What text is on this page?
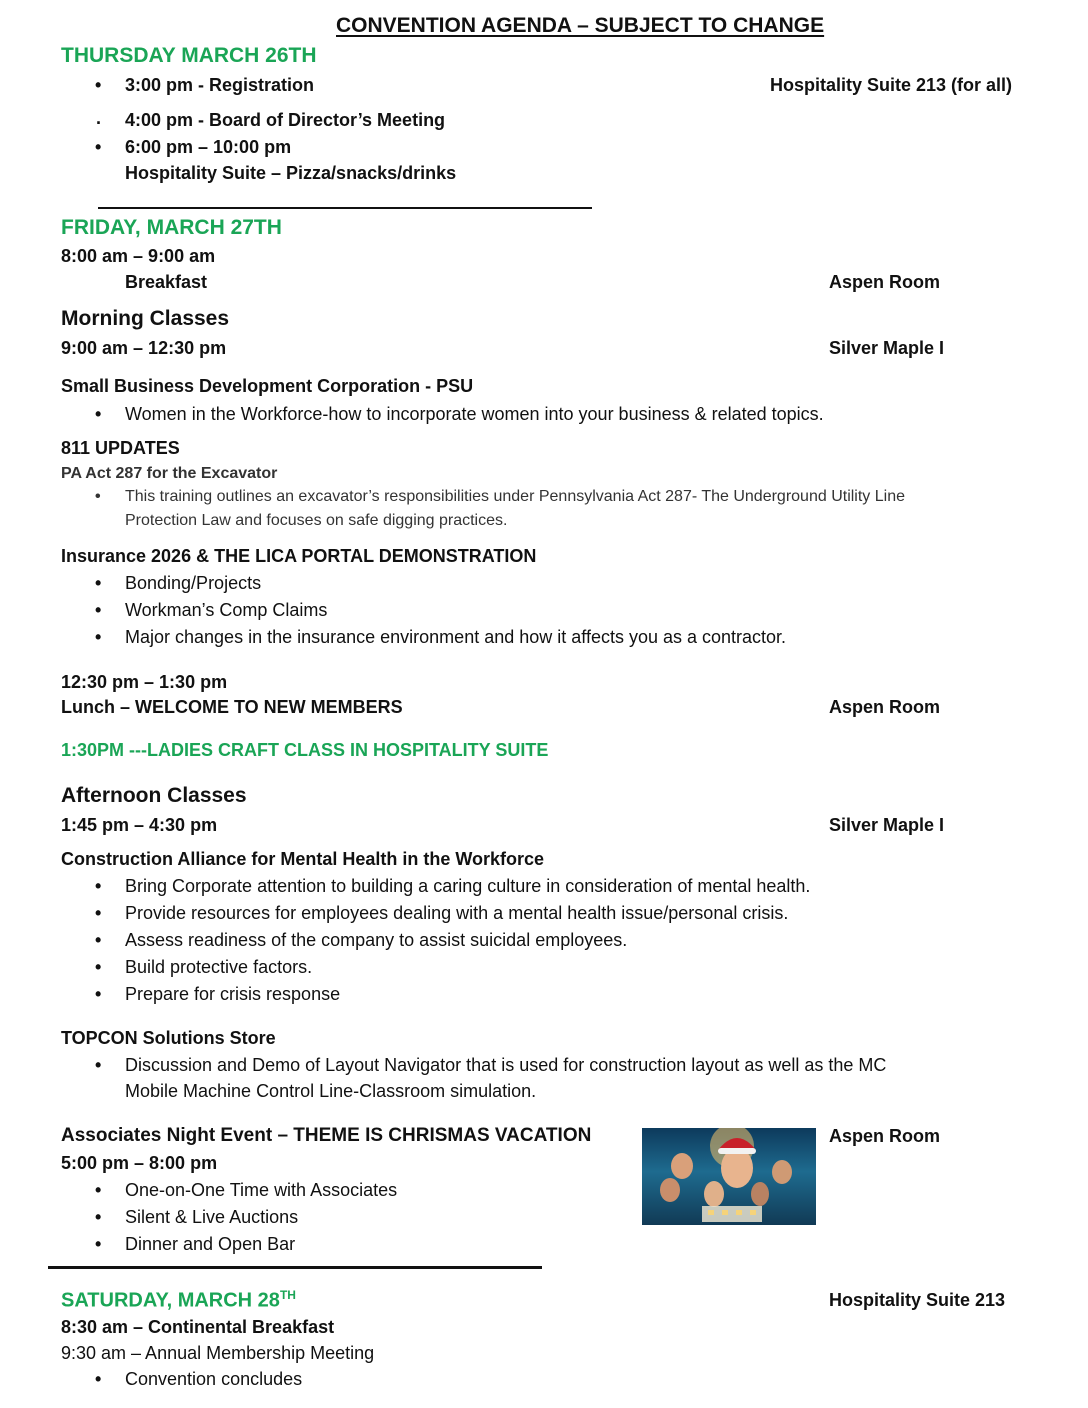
CONVENTION AGENDA – SUBJECT TO CHANGE
THURSDAY MARCH 26TH
• 3:00 pm - Registration	Hospitality Suite 213 (for all)
. 4:00 pm - Board of Director’s Meeting
• 6:00 pm – 10:00 pm
Hospitality Suite – Pizza/snacks/drinks
FRIDAY, MARCH 27TH
8:00 am – 9:00 am
Breakfast	Aspen Room
Morning Classes
9:00 am – 12:30 pm	Silver Maple I
Small Business Development Corporation - PSU
• Women in the Workforce-how to incorporate women into your business & related topics.
811 UPDATES
PA Act 287 for the Excavator
• This training outlines an excavator’s responsibilities under Pennsylvania Act 287- The Underground Utility Line
Protection Law and focuses on safe digging practices.
Insurance 2026 & THE LICA PORTAL DEMONSTRATION
• Bonding/Projects
• Workman’s Comp Claims
• Major changes in the insurance environment and how it affects you as a contractor.
12:30 pm – 1:30 pm
Lunch – WELCOME TO NEW MEMBERS	Aspen Room
1:30PM ---LADIES CRAFT CLASS IN HOSPITALITY SUITE
Afternoon Classes
1:45 pm – 4:30 pm	Silver Maple I
Construction Alliance for Mental Health in the Workforce
• Bring Corporate attention to building a caring culture in consideration of mental health.
• Provide resources for employees dealing with a mental health issue/personal crisis.
• Assess readiness of the company to assist suicidal employees.
• Build protective factors.
• Prepare for crisis response
TOPCON Solutions Store
• Discussion and Demo of Layout Navigator that is used for construction layout as well as the MC
Mobile Machine Control Line-Classroom simulation.
Associates Night Event – THEME IS CHRISMAS VACATION	Aspen Room
5:00 pm – 8:00 pm
• One-on-One Time with Associates
• Silent & Live Auctions
• Dinner and Open Bar
SATURDAY, MARCH 28TH	Hospitality Suite 213
8:30 am – Continental Breakfast
9:30 am – Annual Membership Meeting
• Convention concludes
